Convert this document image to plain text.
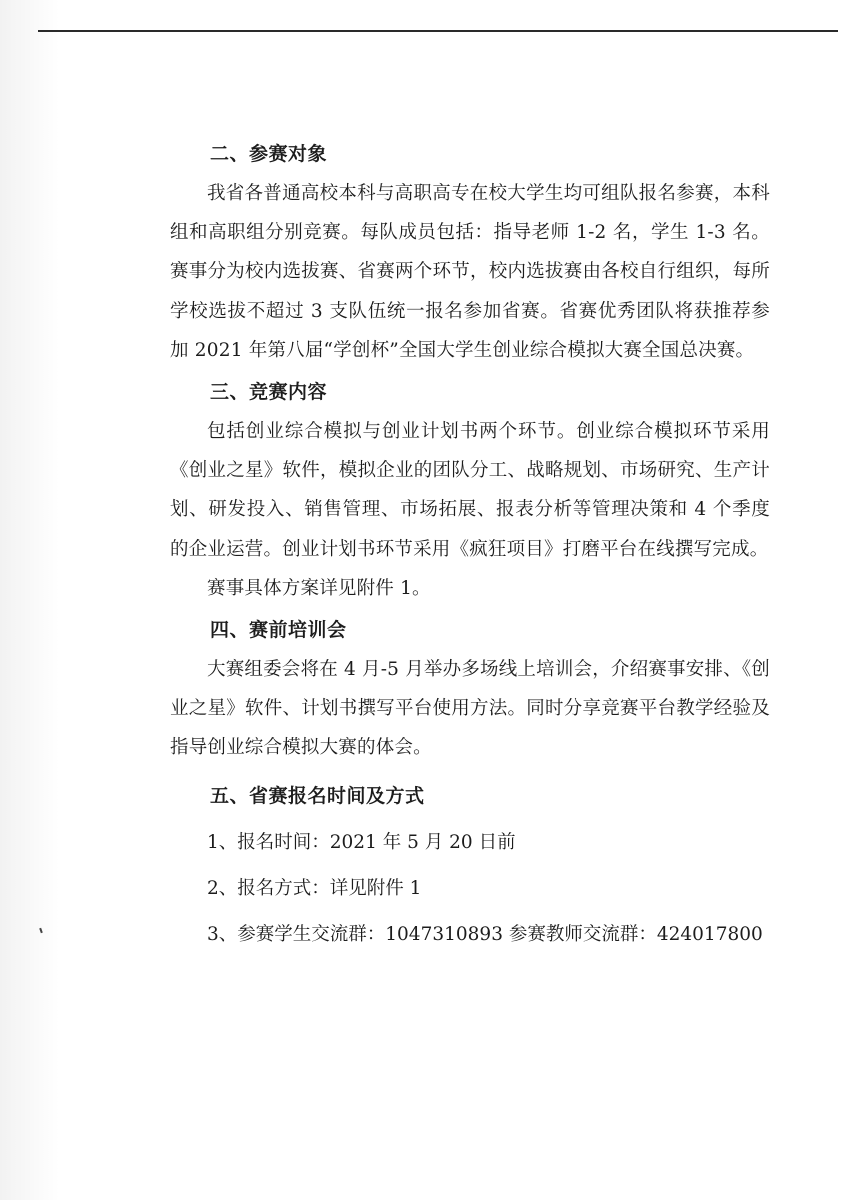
二、参赛对象

我省各普通高校本科与高职高专在校大学生均可组队报名参赛，本科组和高职组分别竞赛。每队成员包括：指导老师 1-2 名，学生 1-3 名。赛事分为校内选拔赛、省赛两个环节，校内选拔赛由各校自行组织，每所学校选拔不超过 3 支队伍统一报名参加省赛。省赛优秀团队将获推荐参加 2021 年第八届“学创杯”全国大学生创业综合模拟大赛全国总决赛。

三、竞赛内容

包括创业综合模拟与创业计划书两个环节。创业综合模拟环节采用《创业之星》软件，模拟企业的团队分工、战略规划、市场研究、生产计划、研发投入、销售管理、市场拓展、报表分析等管理决策和 4 个季度的企业运营。创业计划书环节采用《疯狂项目》打磨平台在线撰写完成。

赛事具体方案详见附件 1。

四、赛前培训会

大赛组委会将在 4 月-5 月举办多场线上培训会，介绍赛事安排、《创业之星》软件、计划书撰写平台使用方法。同时分享竞赛平台教学经验及指导创业综合模拟大赛的体会。

五、省赛报名时间及方式
1、报名时间：2021 年 5 月 20 日前
2、报名方式：详见附件 1
3、参赛学生交流群：1047310893 参赛教师交流群：424017800
